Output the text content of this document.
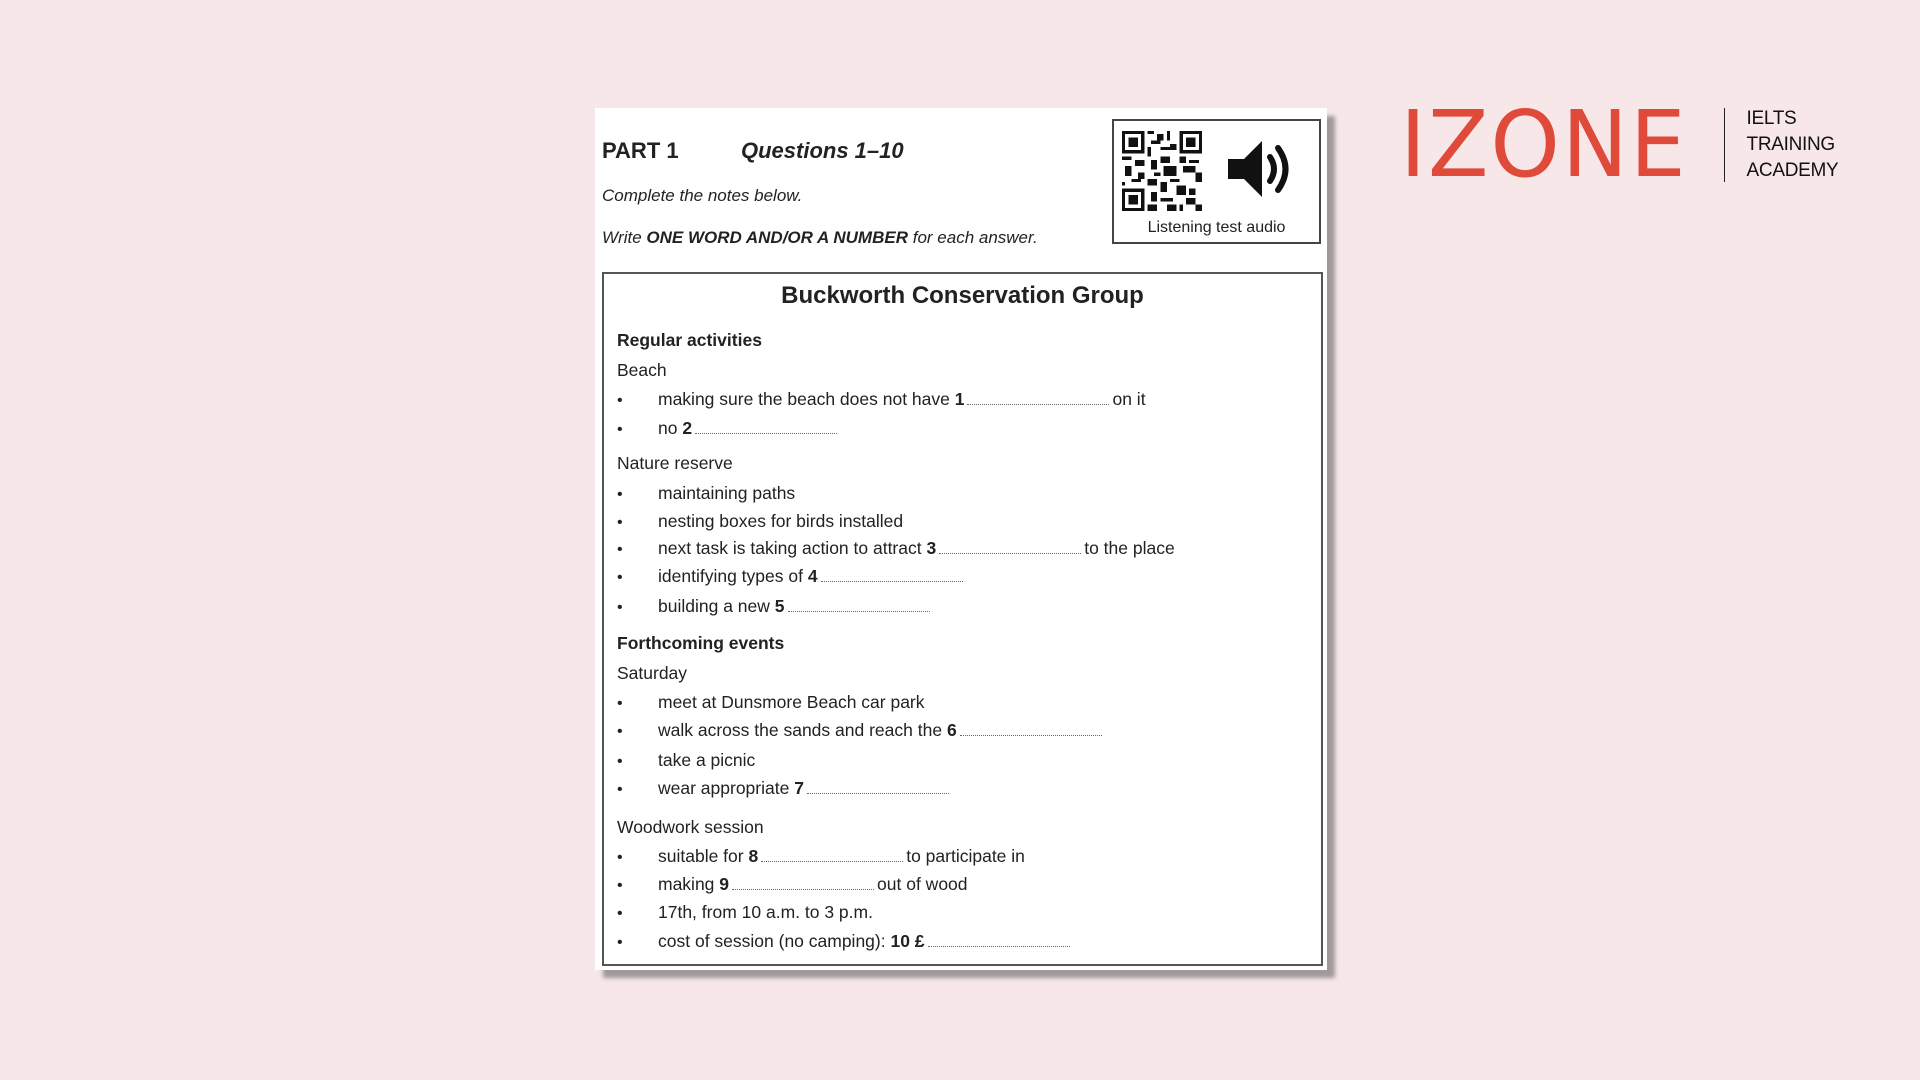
IZONE	IELTS
TRAINING
ACADEMY
PART 1	Questions 1–10
Complete the notes below.
Write ONE WORD AND/OR A NUMBER for each answer.
Listening test audio
Buckworth Conservation Group
Regular activities
Beach
•making sure the beach does not have 1	on it
•no 2
Nature reserve
•maintaining paths
•nesting boxes for birds installed
•next task is taking action to attract 3	to the place
•identifying types of 4
•building a new 5
Forthcoming events
Saturday
•meet at Dunsmore Beach car park
•walk across the sands and reach the 6
•take a picnic
•wear appropriate 7
Woodwork session
•suitable for 8	to participate in
•making 9	out of wood
•17th, from 10 a.m. to 3 p.m.
•cost of session (no camping): 10 £
